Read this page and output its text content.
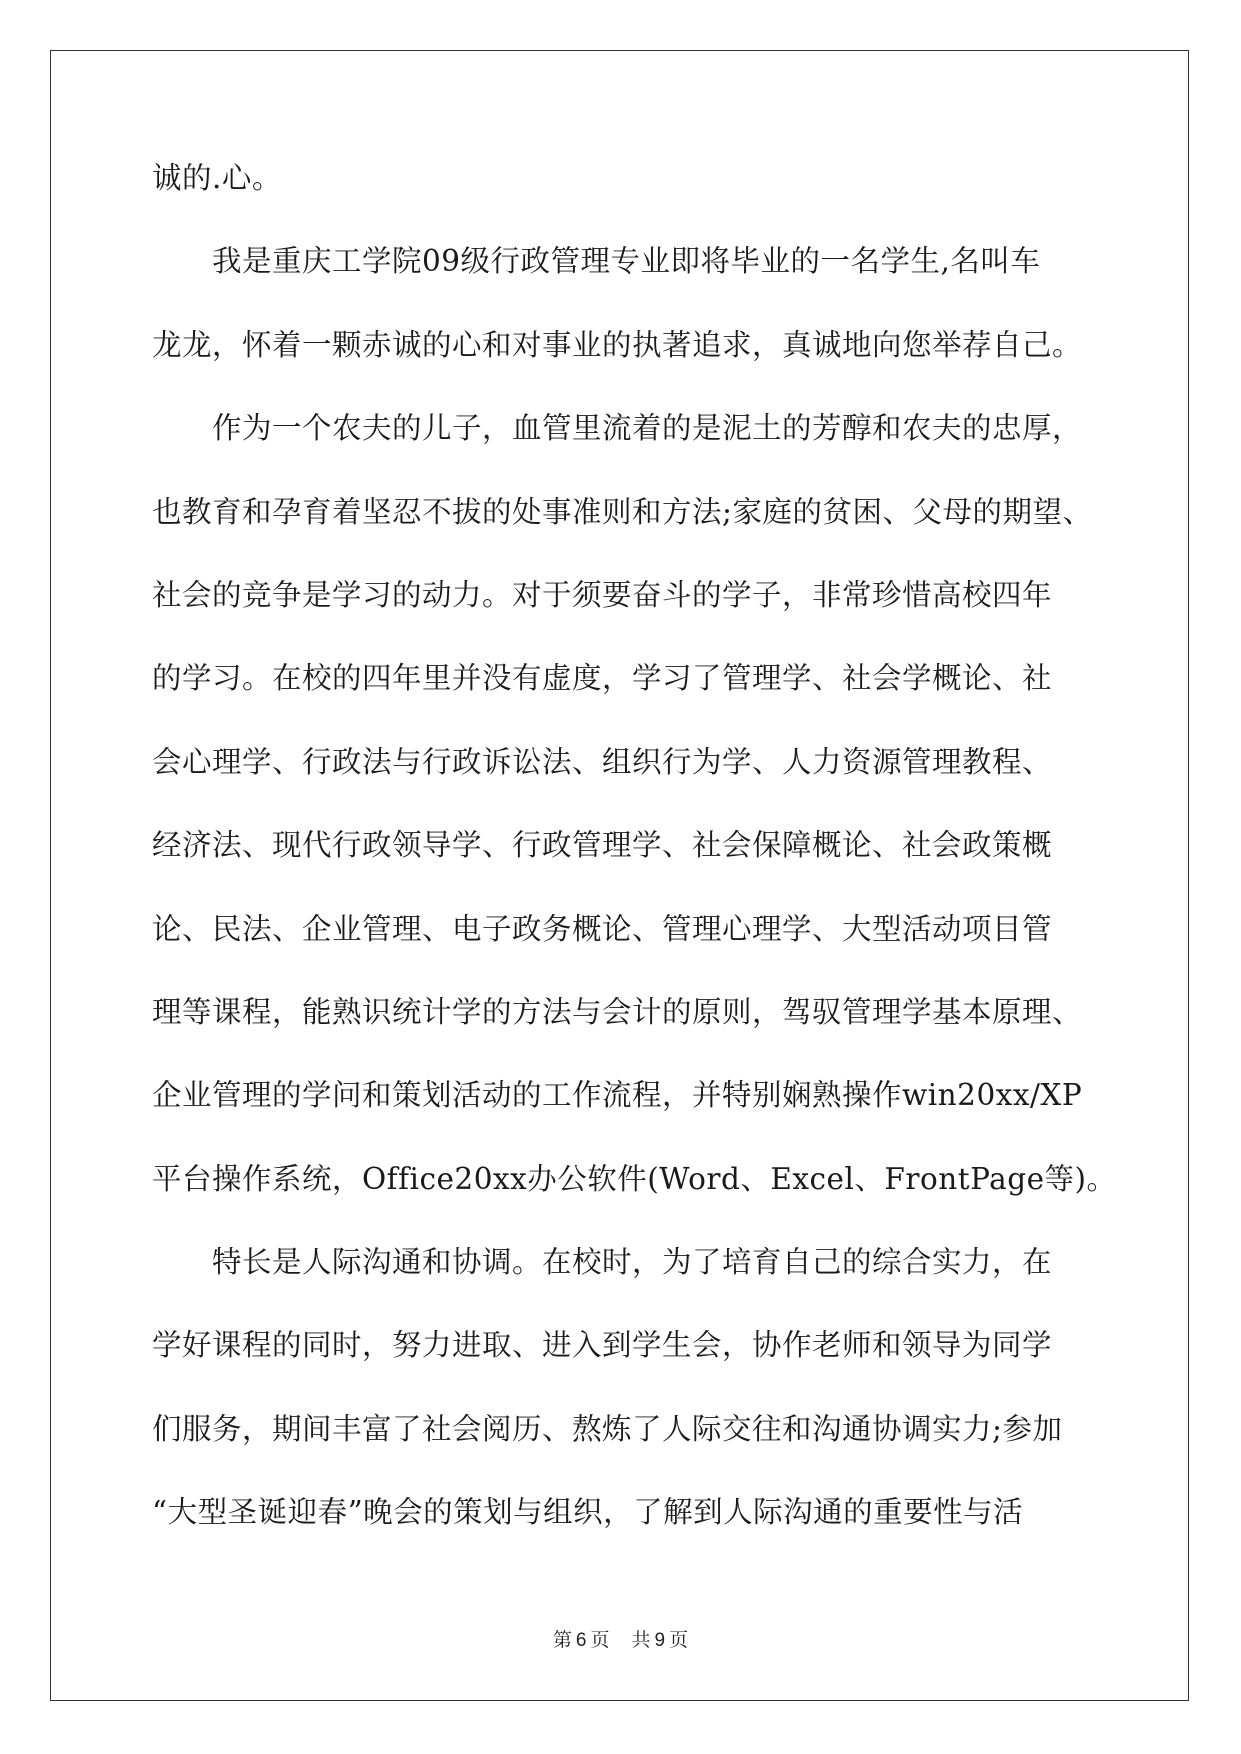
诚的.心。
　　我是重庆工学院09级行政管理专业即将毕业的一名学生,名叫车
龙龙，怀着一颗赤诚的心和对事业的执著追求，真诚地向您举荐自己。
　　作为一个农夫的儿子，血管里流着的是泥土的芳醇和农夫的忠厚，
也教育和孕育着坚忍不拔的处事准则和方法;家庭的贫困、父母的期望、
社会的竞争是学习的动力。对于须要奋斗的学子，非常珍惜高校四年
的学习。在校的四年里并没有虚度，学习了管理学、社会学概论、社
会心理学、行政法与行政诉讼法、组织行为学、人力资源管理教程、
经济法、现代行政领导学、行政管理学、社会保障概论、社会政策概
论、民法、企业管理、电子政务概论、管理心理学、大型活动项目管
理等课程，能熟识统计学的方法与会计的原则，驾驭管理学基本原理、
企业管理的学问和策划活动的工作流程，并特别娴熟操作win20xx/XP
平台操作系统，Office20xx办公软件(Word、Excel、FrontPage等)。
　　特长是人际沟通和协调。在校时，为了培育自己的综合实力，在
学好课程的同时，努力进取、进入到学生会，协作老师和领导为同学
们服务，期间丰富了社会阅历、熬炼了人际交往和沟通协调实力;参加
“大型圣诞迎春”晚会的策划与组织，了解到人际沟通的重要性与活
第 6 页 共 9 页
